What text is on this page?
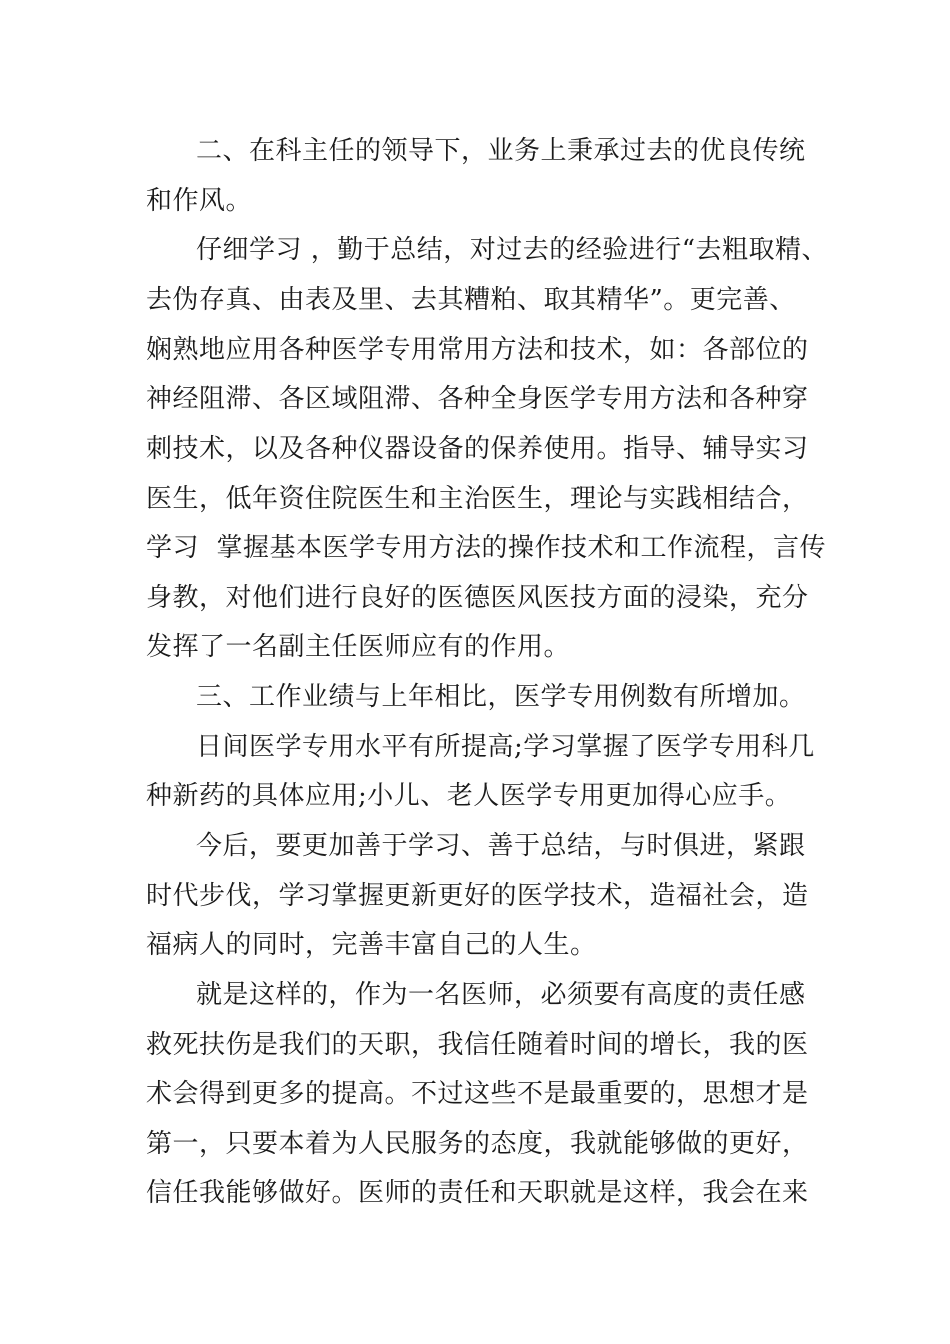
二、在科主任的领导下，业务上秉承过去的优良传统
和作风。
仔细学习 ，勤于总结，对过去的经验进行“去粗取精、
去伪存真、由表及里、去其糟粕、取其精华”。更完善、
娴熟地应用各种医学专用常用方法和技术，如：各部位的
神经阻滞、各区域阻滞、各种全身医学专用方法和各种穿
刺技术，以及各种仪器设备的保养使用。指导、辅导实习
医生，低年资住院医生和主治医生，理论与实践相结合，
学习  掌握基本医学专用方法的操作技术和工作流程，言传
身教，对他们进行良好的医德医风医技方面的浸染，充分
发挥了一名副主任医师应有的作用。
三、工作业绩与上年相比，医学专用例数有所增加。
日间医学专用水平有所提高;学习掌握了医学专用科几
种新药的具体应用;小儿、老人医学专用更加得心应手。
今后，要更加善于学习、善于总结，与时俱进，紧跟
时代步伐，学习掌握更新更好的医学技术，造福社会，造
福病人的同时，完善丰富自己的人生。
就是这样的，作为一名医师，必须要有高度的责任感
救死扶伤是我们的天职，我信任随着时间的增长，我的医
术会得到更多的提高。不过这些不是最重要的，思想才是
第一，只要本着为人民服务的态度，我就能够做的更好，
信任我能够做好。医师的责任和天职就是这样，我会在来
